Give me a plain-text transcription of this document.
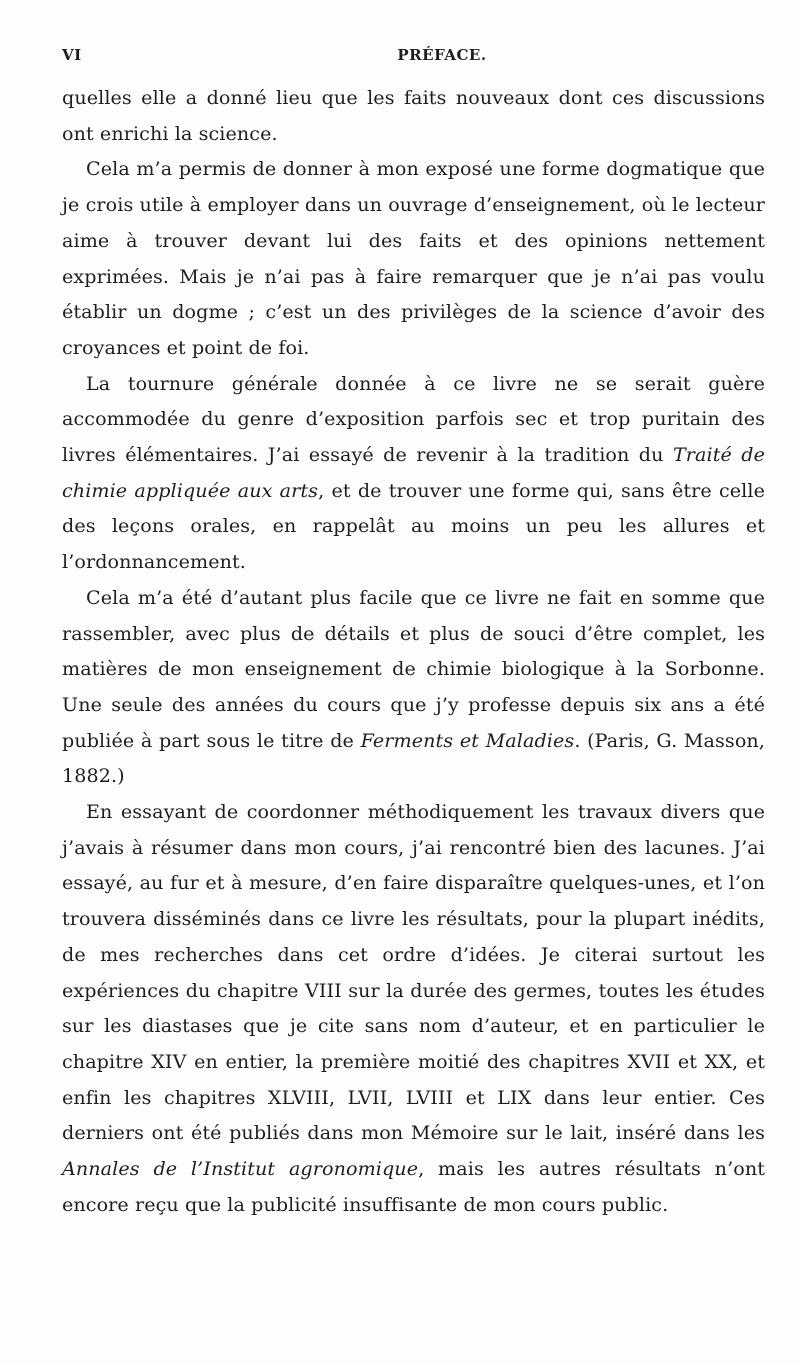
VI	PRÉFACE.

quelles elle a donné lieu que les faits nouveaux dont ces discussions ont enrichi la science.

Cela m’a permis de donner à mon exposé une forme dogmatique que je crois utile à employer dans un ouvrage d’enseignement, où le lecteur aime à trouver devant lui des faits et des opinions nettement exprimées. Mais je n’ai pas à faire remarquer que je n’ai pas voulu établir un dogme ; c’est un des privilèges de la science d’avoir des croyances et point de foi.

La tournure générale donnée à ce livre ne se serait guère accommodée du genre d’exposition parfois sec et trop puritain des livres élémentaires. J’ai essayé de revenir à la tradition du Traité de chimie appliquée aux arts, et de trouver une forme qui, sans être celle des leçons orales, en rappelât au moins un peu les allures et l’ordonnancement.

Cela m’a été d’autant plus facile que ce livre ne fait en somme que rassembler, avec plus de détails et plus de souci d’être complet, les matières de mon enseignement de chimie biologique à la Sorbonne. Une seule des années du cours que j’y professe depuis six ans a été publiée à part sous le titre de Ferments et Maladies. (Paris, G. Masson, 1882.)

En essayant de coordonner méthodiquement les travaux divers que j’avais à résumer dans mon cours, j’ai rencontré bien des lacunes. J’ai essayé, au fur et à mesure, d’en faire disparaître quelques-unes, et l’on trouvera disséminés dans ce livre les résultats, pour la plupart inédits, de mes recherches dans cet ordre d’idées. Je citerai surtout les expériences du chapitre VIII sur la durée des germes, toutes les études sur les diastases que je cite sans nom d’auteur, et en particulier le chapitre XIV en entier, la première moitié des chapitres XVII et XX, et enfin les chapitres XLVIII, LVII, LVIII et LIX dans leur entier. Ces derniers ont été publiés dans mon Mémoire sur le lait, inséré dans les Annales de l’Institut agronomique, mais les autres résultats n’ont encore reçu que la publicité insuffisante de mon cours public.
